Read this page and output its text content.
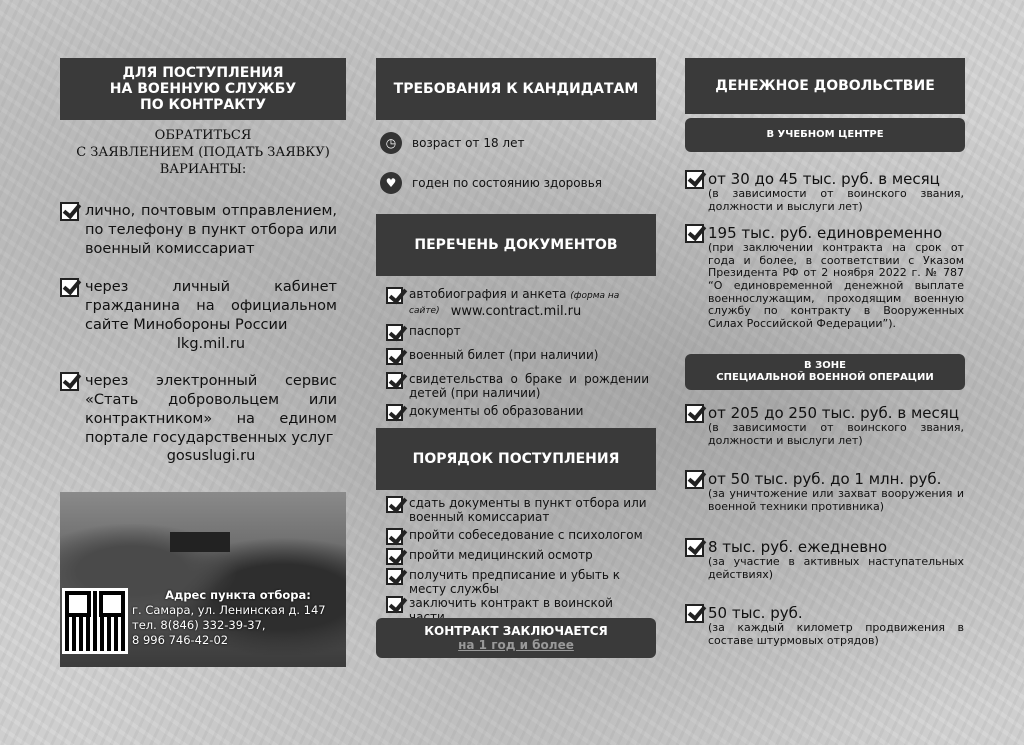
ДЛЯ ПОСТУПЛЕНИЯ
НА ВОЕННУЮ СЛУЖБУ
ПО КОНТРАКТУ
ОБРАТИТЬСЯ
С ЗАЯВЛЕНИЕМ (ПОДАТЬ ЗАЯВКУ)
ВАРИАНТЫ:
лично, почтовым отправлением, по телефону в пункт отбора или военный комиссариат
через личный кабинет гражданина на официальном сайте Минобороны России
lkg.mil.ru
через электронный сервис «Стать добровольцем или контрактником» на едином портале государственных услуг
gosuslugi.ru
Адрес пункта отбора:
г. Самара, ул. Ленинская д. 147
тел. 8(846) 332-39-37,
8 996 746-42-02
ТРЕБОВАНИЯ К КАНДИДАТАМ
◷	возраст от 18 лет
♥	годен по состоянию здоровья
ПЕРЕЧЕНЬ ДОКУМЕНТОВ
автобиография и анкета (форма на сайте) www.contract.mil.ru
паспорт
военный билет (при наличии)
свидетельства о браке и рождении детей (при наличии)
документы об образовании
ПОРЯДОК ПОСТУПЛЕНИЯ
сдать документы в пункт отбора или военный комиссариат
пройти собеседование с психологом
пройти медицинский осмотр
получить предписание и убыть к месту службы
заключить контракт в воинской
КОНТРАКТ ЗАКЛЮЧАЕТСЯ
на 1 год и более
ДЕНЕЖНОЕ ДОВОЛЬСТВИЕ
В УЧЕБНОМ ЦЕНТРЕ
от 30 до 45 тыс. руб. в месяц
(в зависимости от воинского звания, должности и выслуги лет)
195 тыс. руб. единовременно
(при заключении контракта на срок от года и более, в соответствии с Указом Президента РФ от 2 ноября 2022 г. № 787 “О единовременной денежной выплате военнослужащим, проходящим военную службу по контракту в Вооруженных Силах Российской Федерации”).
В ЗОНЕ
СПЕЦИАЛЬНОЙ ВОЕННОЙ ОПЕРАЦИИ
от 205 до 250 тыс. руб. в месяц
(в зависимости от воинского звания, должности и выслуги лет)
от 50 тыс. руб. до 1 млн. руб.
(за уничтожение или захват вооружения и военной техники противника)
8 тыс. руб. ежедневно
(за участие в активных наступательных действиях)
50 тыс. руб.
(за каждый километр продвижения в составе штурмовых отрядов)
